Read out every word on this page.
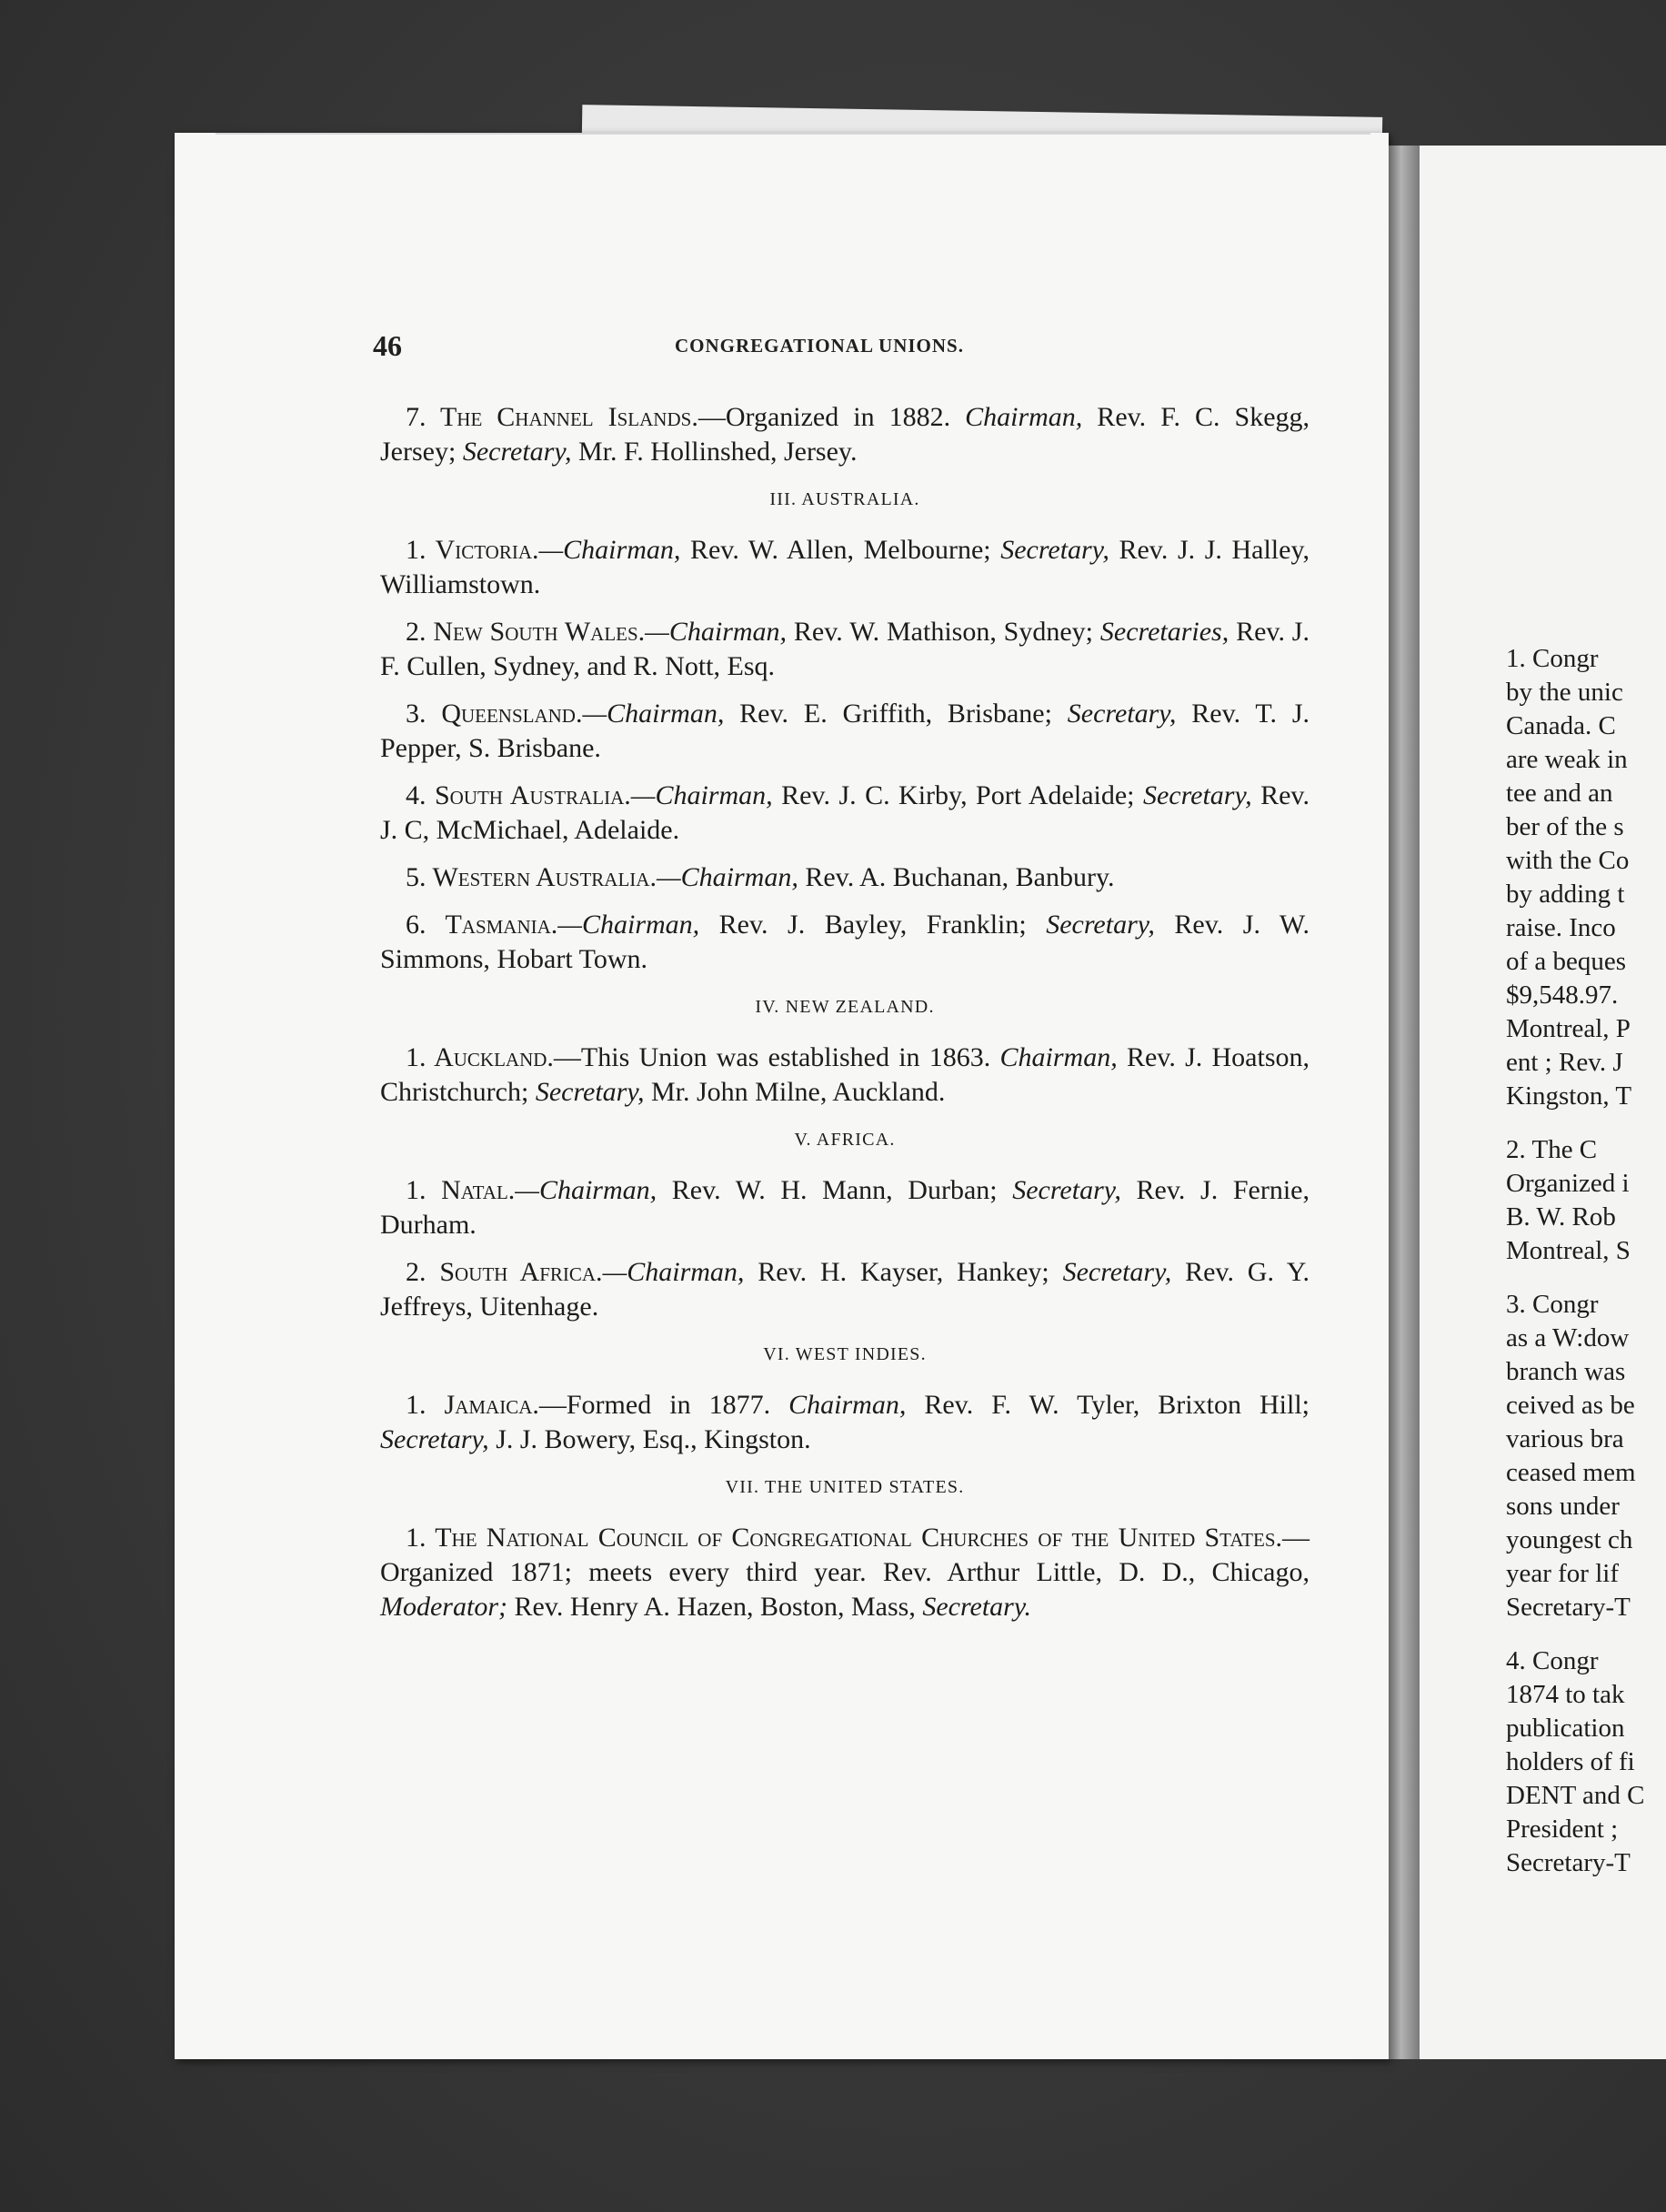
46	CONGREGATIONAL UNIONS.

7. The Channel Islands.—Organized in 1882. Chairman, Rev. F. C. Skegg, Jersey; Secretary, Mr. F. Hollinshed, Jersey.

III. AUSTRALIA.

1. Victoria.—Chairman, Rev. W. Allen, Melbourne; Secretary, Rev. J. J. Halley, Williamstown.

2. New South Wales.—Chairman, Rev. W. Mathison, Sydney; Secretaries, Rev. J. F. Cullen, Sydney, and R. Nott, Esq.

3. Queensland.—Chairman, Rev. E. Griffith, Brisbane; Secretary, Rev. T. J. Pepper, S. Brisbane.

4. South Australia.—Chairman, Rev. J. C. Kirby, Port Adelaide; Secretary, Rev. J. C, McMichael, Adelaide.

5. Western Australia.—Chairman, Rev. A. Buchanan, Banbury.

6. Tasmania.—Chairman, Rev. J. Bayley, Franklin; Secretary, Rev. J. W. Simmons, Hobart Town.

IV. NEW ZEALAND.

1. Auckland.—This Union was established in 1863. Chairman, Rev. J. Hoatson, Christchurch; Secretary, Mr. John Milne, Auckland.

V. AFRICA.

1. Natal.—Chairman, Rev. W. H. Mann, Durban; Secretary, Rev. J. Fernie, Durham.

2. South Africa.—Chairman, Rev. H. Kayser, Hankey; Secretary, Rev. G. Y. Jeffreys, Uitenhage.

VI. WEST INDIES.

1. Jamaica.—Formed in 1877. Chairman, Rev. F. W. Tyler, Brixton Hill; Secretary, J. J. Bowery, Esq., Kingston.

VII. THE UNITED STATES.

1. The National Council of Congregational Churches of the United States.— Organized 1871; meets every third year. Rev. Arthur Little, D. D., Chicago, Moderator; Rev. Henry A. Hazen, Boston, Mass, Secretary.

1. Congr
by the unic
Canada. C
are weak in
tee and an
ber of the s
with the Co
by adding t
raise. Inco
of a beques
$9,548.97.
Montreal, P
ent ; Rev. J
Kingston, T
2. The C
Organized i
B. W. Rob
Montreal, S
3. Congr
as a W:dow
branch was
ceived as be
various bra
ceased mem
sons under
youngest ch
year for lif
Secretary-T
4. Congr
1874 to tak
publication
holders of fi
DENT and C
President ;
Secretary-T
